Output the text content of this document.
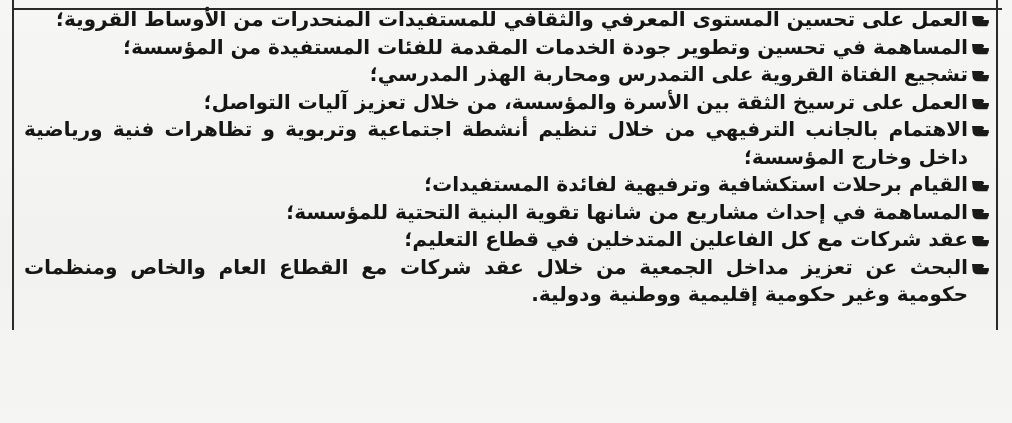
العمل على تحسين المستوى المعرفي والثقافي للمستفيدات المنحدرات من الأوساط القروية؛
المساهمة في تحسين وتطوير جودة الخدمات المقدمة للفئات المستفيدة من المؤسسة؛
تشجيع الفتاة القروية على التمدرس ومحاربة الهذر المدرسي؛
العمل على ترسيخ الثقة بين الأسرة والمؤسسة، من خلال تعزيز آليات التواصل؛
الاهتمام بالجانب الترفيهي من خلال تنظيم أنشطة اجتماعية وتربوية و تظاهرات فنية ورياضية داخل وخارج المؤسسة؛
القيام برحلات استكشافية وترفيهية لفائدة المستفيدات؛
المساهمة في إحداث مشاريع من شانها تقوية البنية التحتية للمؤسسة؛
عقد شركات مع كل الفاعلين المتدخلين في قطاع التعليم؛
البحث عن تعزيز مداخل الجمعية من خلال عقد شركات مع القطاع العام والخاص ومنظمات حكومية وغير حكومية إقليمية ووطنية ودولية.
